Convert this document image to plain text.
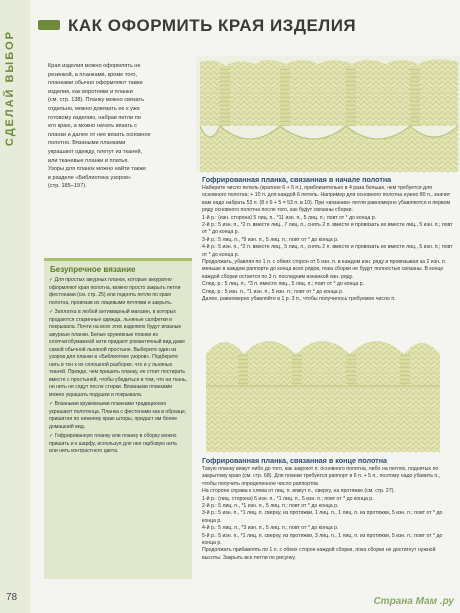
СДЕЛАЙ ВЫБОР
78
КАК ОФОРМИТЬ КРАЯ ИЗДЕЛИЯ

Края изделия можно оформлять не

резинкой, а планками, кроме того,

планками обычно оформляют также

изделия, как воротники и планки

(см. стр. 138). Планку можно связать

отдельно, можно довязать ее к уже

готовому изделию, набрав петли по

его краю, а можно начать вязать с

планки и далее от нее вязать основное

полотно. Вязаными планками

украшают одежду, плетут из тканей,

или тканевые планки и платья.

Узоры для планок можно найти также

в разделе «Библиотека узоров»

(стр. 185–197).

Безупречное вязание
✓ Для простых ажурных планок, которые аккуратно оформляют края полотна, можно просто закрыть петли фестонами (см. стр. 25) или поднять петли по краю полотна, провязав их лицевыми петлями и закрыть.
✓ Заплатка в любой антикварный магазин, в которых продаются старинные одежда, льняные салфетки и покрывала. Почти на всех этих изделиях будут вязаные ажурные планки. Белые кружевные планки из хлопчатобумажной нити придают романтичный вид даже самой обычной льняной простыне. Выберите один из узоров для планки в «Библиотеке узоров». Подберите нить в тон к их сплошной разборке, что и у льняных тканей. Прежде, чем пришить планку, ее стоит постирать вместе с простыней, чтобы убедиться в том, что ни ткань, ни нить не сядут после стирки. Вязаными планками можно украшать подушки и покрывала.
✓ Вязаными кружевными планками традиционно украшают полотенца. Планка с фестонами как в образце, пришитая по нижнему краю шторы, придаст им более домашний вид.
✓ Гофрированную планку или планку в сборку можно пришить и к шарфу, используя для нее гарбовую нить или нить контрастного цвета.
Гофрированная планка, связанная в начале полотна

Наберите число петель (кратное 6 + 5 п.), приблизительно в 4 раза больше, чем требуется для основного полотна; + 10 п. для каждой 6 петель. Например для основного полотна нужно 80 п., значит вам надо набрать 53 п. (8 х 6 + 5 = 53 п. в 10). При «вязании» петли равномерно убавляются и первом ряду основного полотна после того, как будут связаны сборки.

1-й р.: (изн. сторона) 5 лиц. п., *11 изн. п., 5 лиц. п.; повт от * до конца р.

2-й р.: 5 изн. п., *2 п. вместе лиц., 7 лиц. п., снять 2 п. вместе и провязать их вместе лиц., 5 изн. п.; повт от * до конца р.

3-й р.: 5 лиц. п., *9 изн. п., 5 лиц. п.; повт от * до конца р.

4-й р.: 5 изн. п., *2 п. вместе лиц., 5 лиц. п., снять 2 п. вместе и провязать их вместе лиц., 5 изн. п.; повт от * до конца р.

Продолжать, убавляя по 1 п. с обеих сторон от 5 изн. п. в каждом изн. ряду и провязывая за 2 изн. п. меньше в каждом раппорте до конца всех рядов, пока сборки не будут полностью связаны. В конце каждой сборки остается по 3 п. последним изнанкой изн. ряду.

След. р.: 5 лиц. п., *3 п. вместе лиц., 5 лиц. п.; повт от * до конца р.

След. р.: 5 изн. п., *1 изн. п., 5 изн. п.; повт от * до конца р.

Далее, равномерно убавляйте в 1 р. 3 п., чтобы получилось требуемое число п.

Гофрированная планка, связанная в конце полотна

Такую планку вяжут либо до того, как закроют п. основного полотна, либо на петлях, поднятых по закрытому краю (см. стр. 68). Для планки требуется раппорт в 6 п. + 5 п., поэтому надо убавить п., чтобы получить определенное число раппортов.

На стороне справа к слева от лиц. п. вяжут п., сверху, на протяжке (см. стр. 27).

1-й р.: (лиц. сторона) 5 изн. п., *1 лиц. п., 5 изн. п.; повт от * до конца р.

2-й р.: 5 лиц. п., *1 изн. п., 5 лиц. п.; повт от * до конца р.

3-й р.: 5 изн. п., *1 лиц. п. сверху, из протяжки, 1 лиц. п., 1 лиц. п. из протяжки, 5 изн. п.; повт от * до конца р.

4-й р.: 5 лиц. п., *3 изн. п., 5 лиц. п.; повт от * до конца р.

5-й р.: 5 изн. п., *1 лиц. п. сверху, из протяжки, 3 лиц. п., 1 лиц. п. из протяжки, 5 изн. п.; повт от * до конца р.

Продолжать прибавлять по 1 п. с обеих сторон каждой сборки, пока сборки не достигнут нужной высоты. Закрыть все петли по рисунку.

Страна Мам .ру
